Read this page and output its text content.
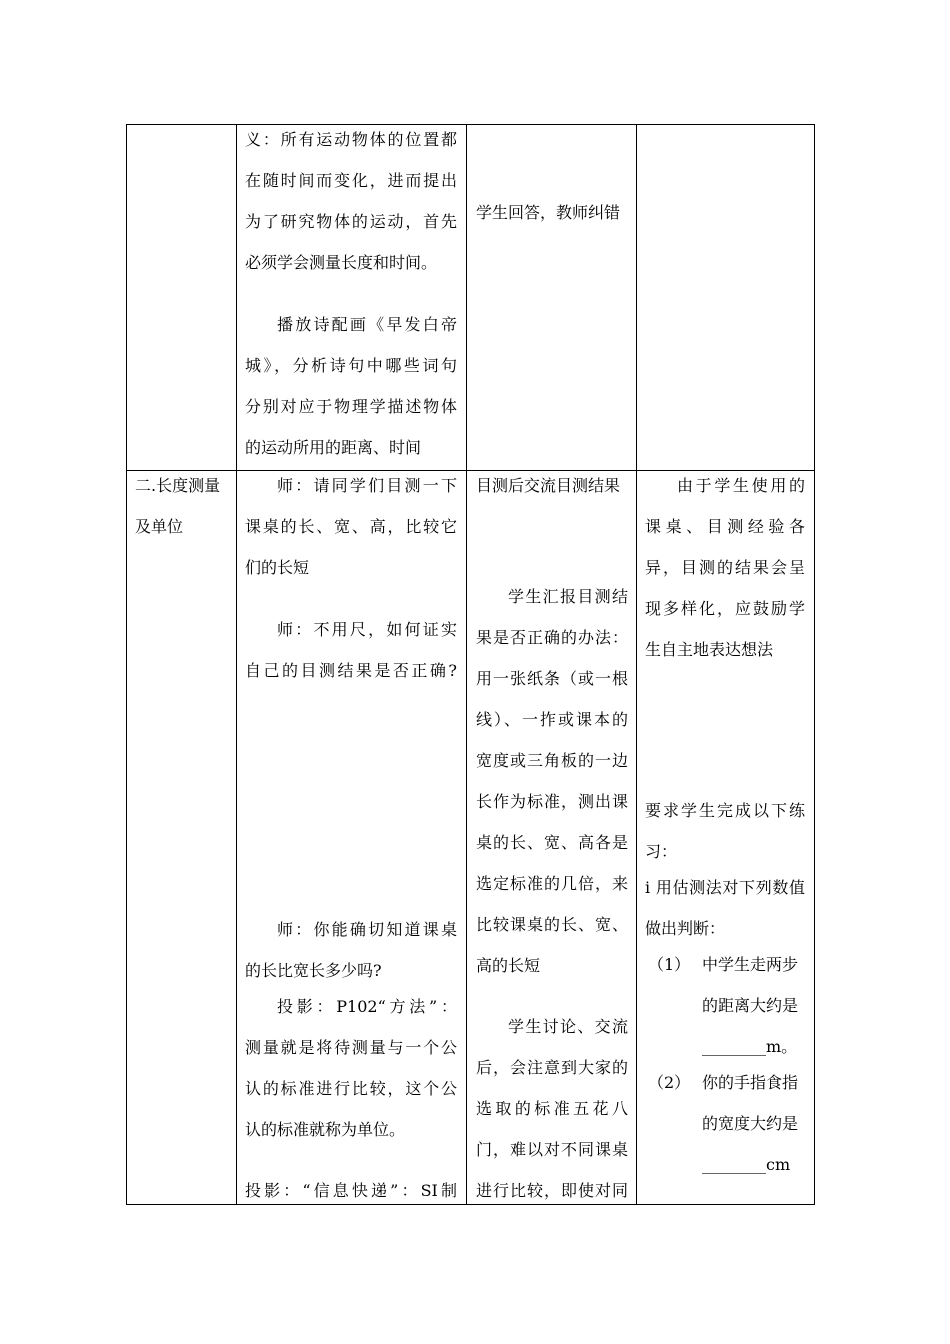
义：所有运动物体的位置都
在随时间而变化，进而提出
为了研究物体的运动，首先
必须学会测量长度和时间。
播放诗配画《早发白帝
城》，分析诗句中哪些词句
分别对应于物理学描述物体
的运动所用的距离、时间
学生回答，教师纠错
二.长度测量
及单位
师：请同学们目测一下
课桌的长、宽、高，比较它
们的长短
师：不用尺，如何证实
自己的目测结果是否正确?
师：你能确切知道课桌
的长比宽长多少吗?
投影：P102“方法”：
测量就是将待测量与一个公
认的标准进行比较，这个公
认的标准就称为单位。
投影：“信息快递”：SI制
目测后交流目测结果
学生汇报目测结
果是否正确的办法：
用一张纸条（或一根
线）、一拃或课本的
宽度或三角板的一边
长作为标准，测出课
桌的长、宽、高各是
选定标准的几倍，来
比较课桌的长、宽、
高的长短
学生讨论、交流
后，会注意到大家的
选取的标准五花八
门，难以对不同课桌
进行比较，即使对同
由于学生使用的
课桌、目测经验各
异，目测的结果会呈
现多样化，应鼓励学
生自主地表达想法
要求学生完成以下练
习：
i 用估测法对下列数值
做出判断：
（1） 中学生走两步
的距离大约是
________m。
（2） 你的手指食指
的宽度大约是
________cm
